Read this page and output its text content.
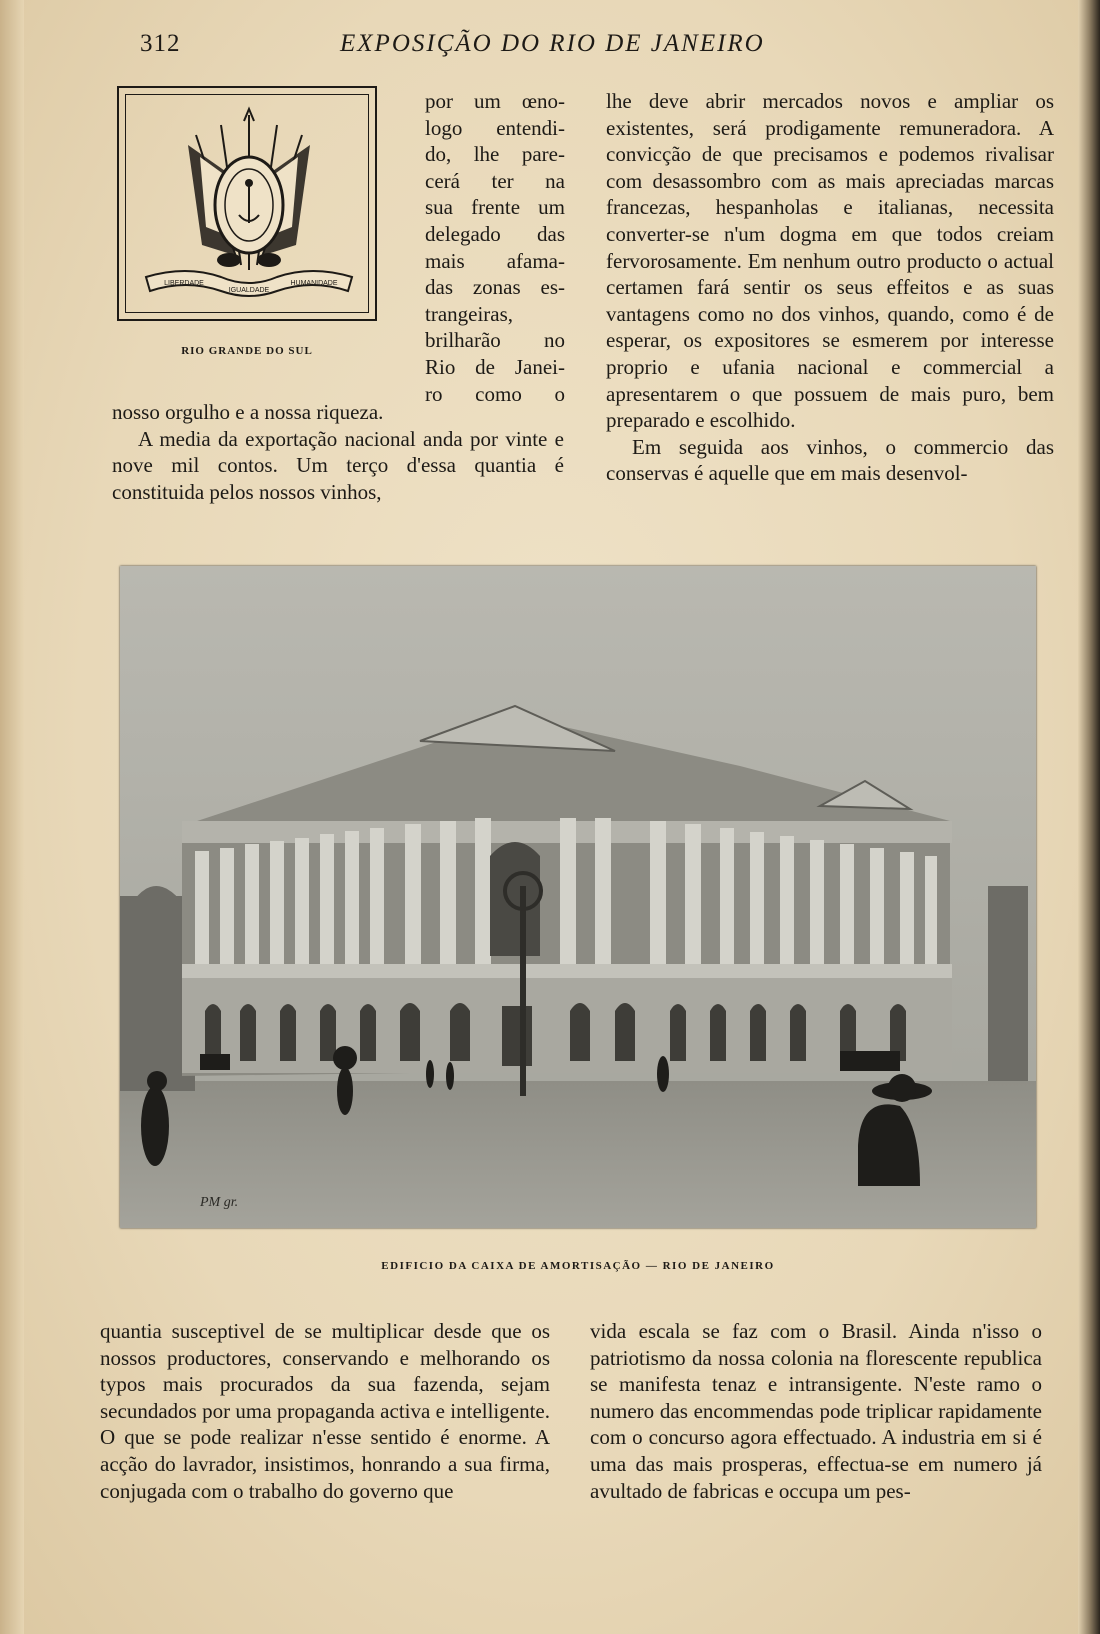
312	EXPOSIÇÃO DO RIO DE JANEIRO
LIBERDADE
IGUALDADE
HUMANIDADE
RIO GRANDE DO SUL
por um œno-
logo entendi-
do, lhe pare-
cerá ter na
sua frente um
delegado das
mais afama-
das zonas es-
trangeiras,
brilharão no
Rio de Janei-
ro como o

nosso orgulho e a nossa riqueza.

A media da exportação nacional anda por vinte e nove mil contos. Um terço d'essa quantia é constituida pelos nossos vinhos,

lhe deve abrir mercados novos e ampliar os existentes, será prodigamente remuneradora. A convicção de que precisamos e podemos rivalisar com desassombro com as mais apreciadas marcas francezas, hespanholas e italianas, necessita converter-se n'um dogma em que todos creiam fervorosamente. Em nenhum outro producto o actual certamen fará sentir os seus effeitos e as suas vantagens como no dos vinhos, quando, como é de esperar, os expositores se esmerem por interesse proprio e ufania nacional e commercial a apresentarem o que possuem de mais puro, bem preparado e escolhido.

Em seguida aos vinhos, o commercio das conservas é aquelle que em mais desenvol-

PM gr.
EDIFICIO DA CAIXA DE AMORTISAÇÃO — RIO DE JANEIRO

quantia susceptivel de se multiplicar desde que os nossos productores, conservando e melhorando os typos mais procurados da sua fazenda, sejam secundados por uma propaganda activa e intelligente. O que se pode realizar n'esse sentido é enorme. A acção do lavrador, insistimos, honrando a sua firma, conjugada com o trabalho do governo que

vida escala se faz com o Brasil. Ainda n'isso o patriotismo da nossa colonia na florescente republica se manifesta tenaz e intransigente. N'este ramo o numero das encommendas pode triplicar rapidamente com o concurso agora effectuado. A industria em si é uma das mais prosperas, effectua-se em numero já avultado de fabricas e occupa um pes-
